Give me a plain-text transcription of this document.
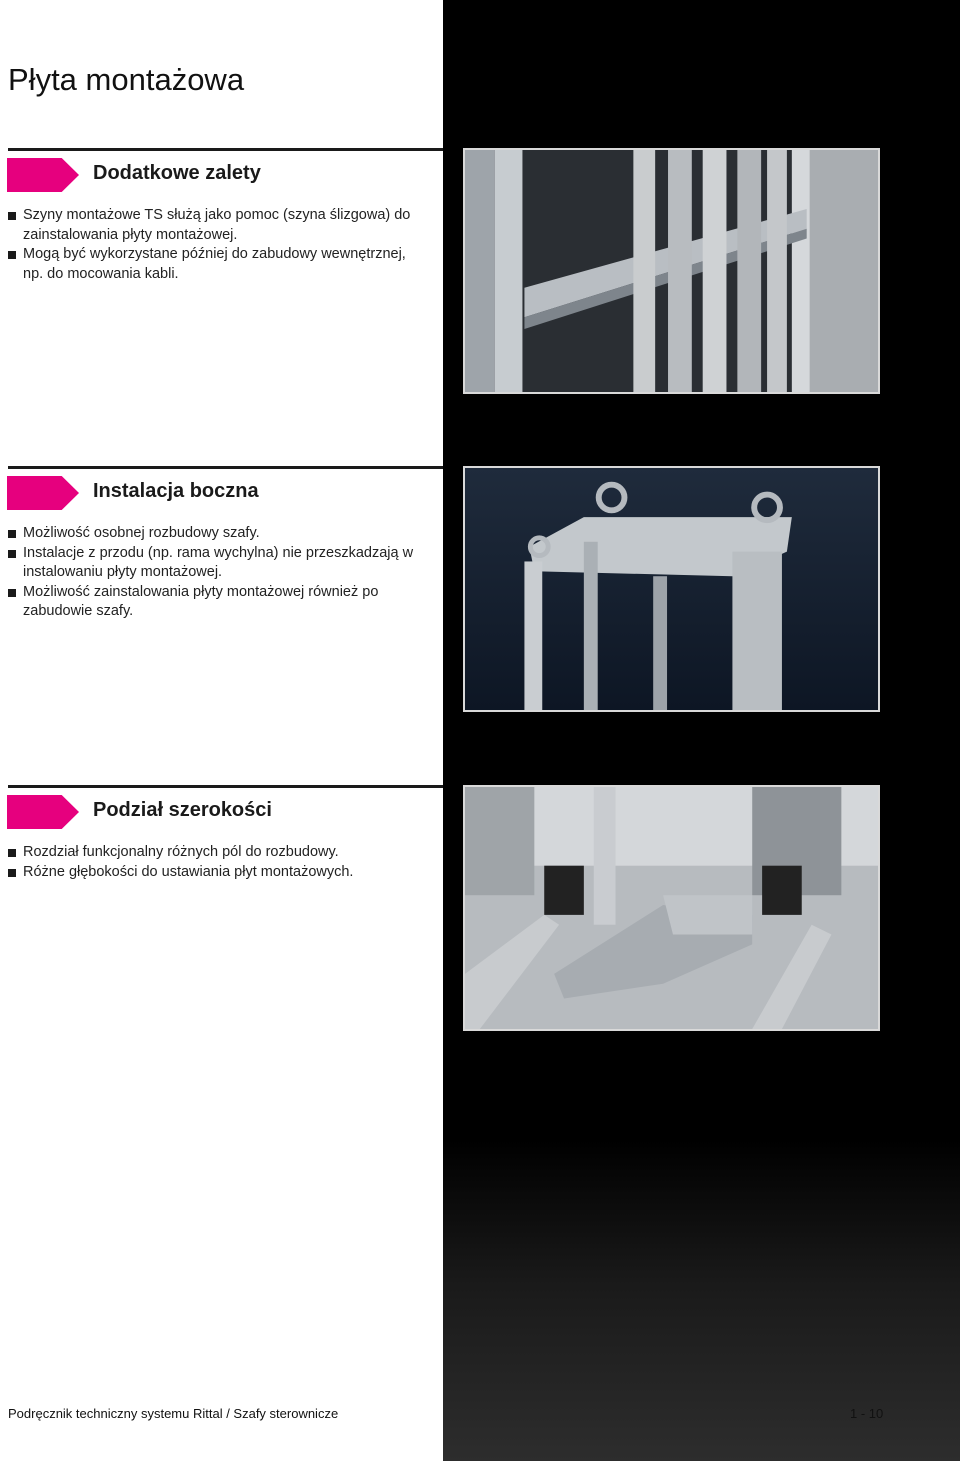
Płyta montażowa
Dodatkowe zalety
Szyny montażowe TS służą jako pomoc (szyna ślizgowa) do zainstalowania płyty montażowej.
Mogą być wykorzystane później do zabudowy wewnętrznej, np. do mocowania kabli.
Instalacja boczna
Możliwość osobnej rozbudowy szafy.
Instalacje z przodu (np. rama wychylna) nie przeszkadzają w instalowaniu płyty montażowej.
Możliwość zainstalowania płyty montażowej również po zabudowie szafy.
Podział szerokości
Rozdział funkcjonalny różnych pól do rozbudowy.
Różne głębokości do ustawiania płyt montażowych.
Podręcznik techniczny systemu Rittal / Szafy sterownicze	1 - 10
